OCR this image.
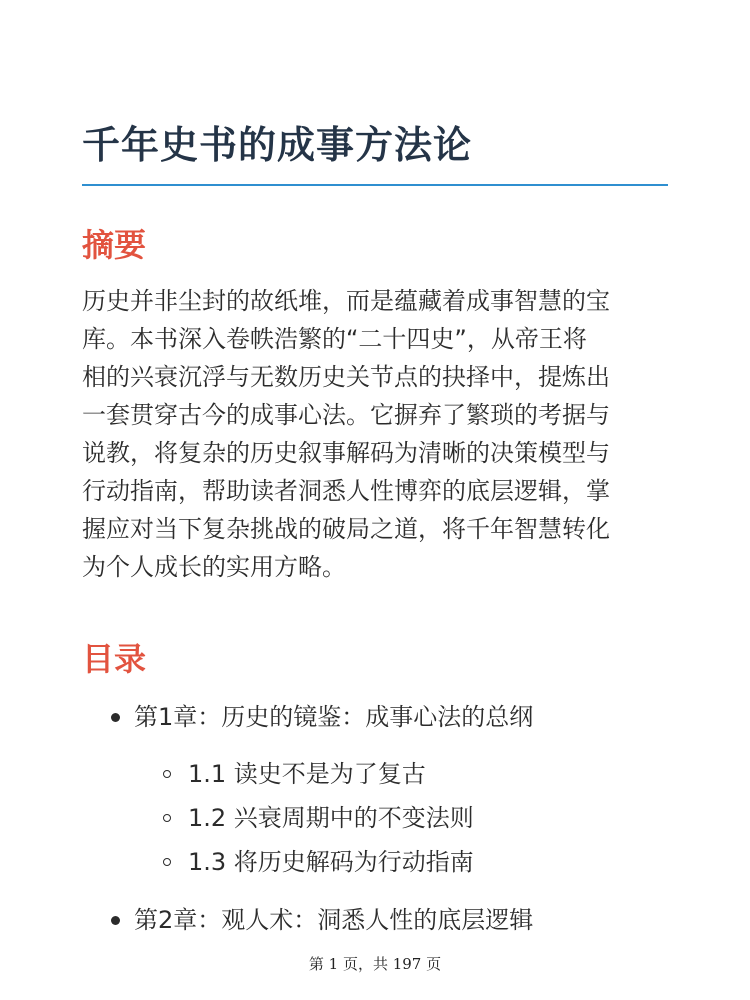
千年史书的成事方法论
摘要

历史并非尘封的故纸堆，而是蕴藏着成事智慧的宝
库。本书深入卷帙浩繁的“二十四史”，从帝王将
相的兴衰沉浮与无数历史关节点的抉择中，提炼出
一套贯穿古今的成事心法。它摒弃了繁琐的考据与
说教，将复杂的历史叙事解码为清晰的决策模型与
行动指南，帮助读者洞悉人性博弈的底层逻辑，掌
握应对当下复杂挑战的破局之道，将千年智慧转化
为个人成长的实用方略。

目录
第1章：历史的镜鉴：成事心法的总纲
1.1 读史不是为了复古
1.2 兴衰周期中的不变法则
1.3 将历史解码为行动指南
第2章：观人术：洞悉人性的底层逻辑
第 1 页，共 197 页
